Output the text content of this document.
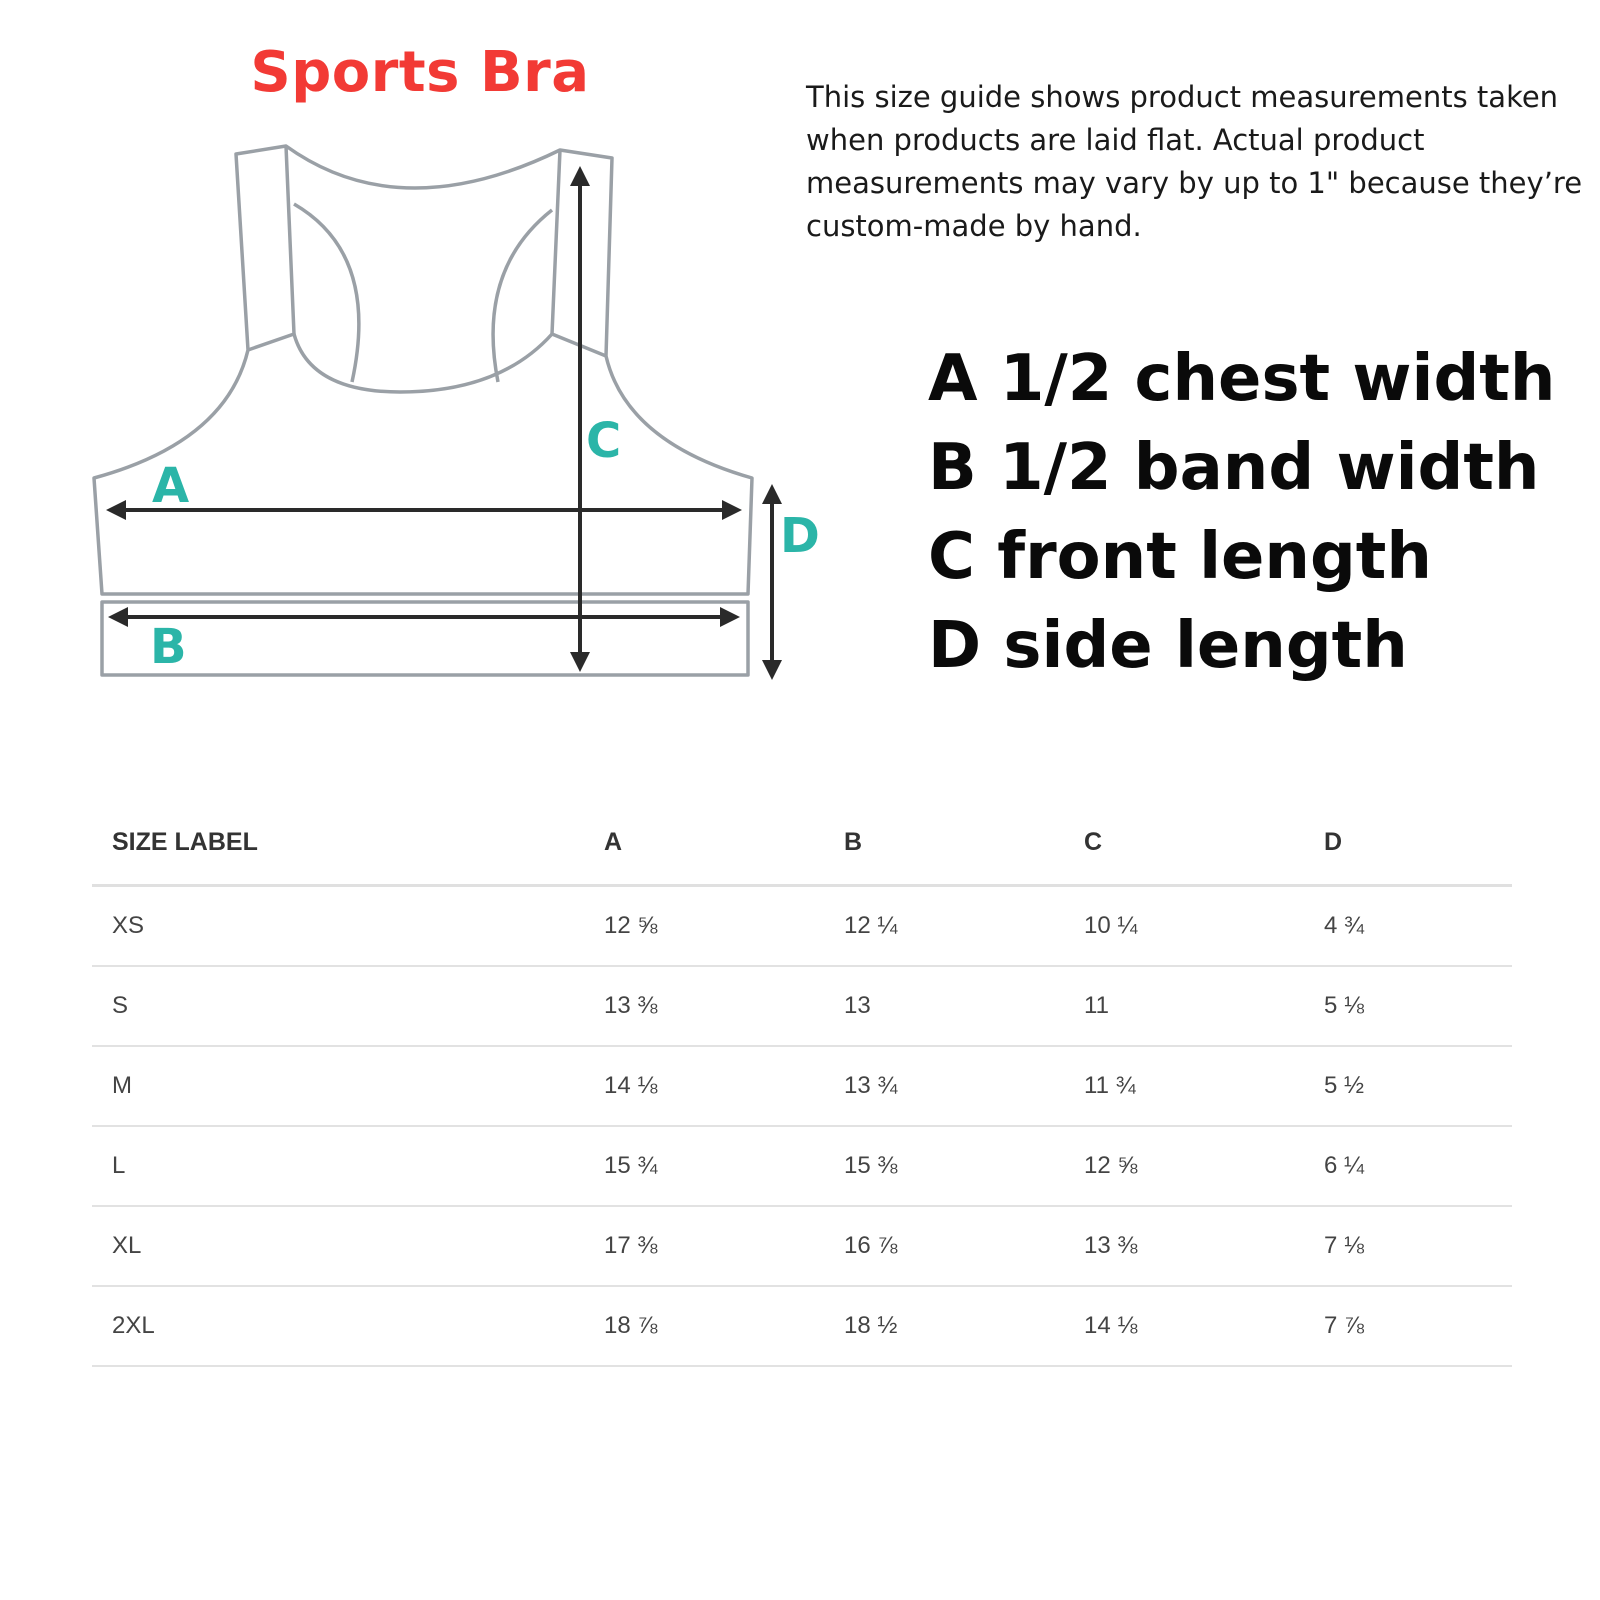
Sports Bra	This size guide shows product measurements taken when products are laid flat. Actual product measurements may vary by up to 1" because they’re custom-made by hand.
A
B
C
D
A 1/2 chest width
B 1/2 band width
C front length
D side length
SIZE LABEL	A	B	C	D
XS	12 ⅝	12 ¼	10 ¼	4 ¾
S	13 ⅜	13	11	5 ⅛
M	14 ⅛	13 ¾	11 ¾	5 ½
L	15 ¾	15 ⅜	12 ⅝	6 ¼
XL	17 ⅜	16 ⅞	13 ⅜	7 ⅛
2XL	18 ⅞	18 ½	14 ⅛	7 ⅞
